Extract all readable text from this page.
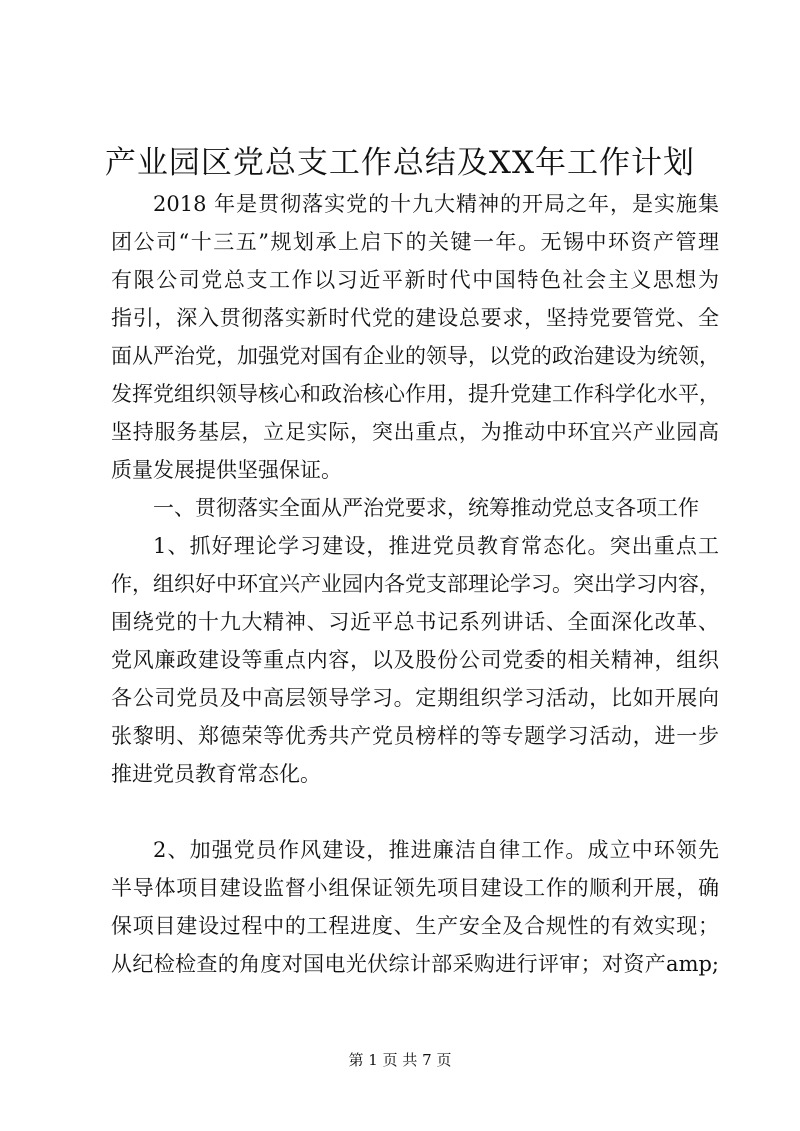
产业园区党总支工作总结及XX年工作计划
2018 年是贯彻落实党的十九大精神的开局之年，是实施集
团公司“十三五”规划承上启下的关键一年。无锡中环资产管理
有限公司党总支工作以习近平新时代中国特色社会主义思想为
指引，深入贯彻落实新时代党的建设总要求，坚持党要管党、全
面从严治党，加强党对国有企业的领导，以党的政治建设为统领，
发挥党组织领导核心和政治核心作用，提升党建工作科学化水平，
坚持服务基层，立足实际，突出重点，为推动中环宜兴产业园高
质量发展提供坚强保证。
一、贯彻落实全面从严治党要求，统筹推动党总支各项工作
1、抓好理论学习建设，推进党员教育常态化。突出重点工
作，组织好中环宜兴产业园内各党支部理论学习。突出学习内容，
围绕党的十九大精神、习近平总书记系列讲话、全面深化改革、
党风廉政建设等重点内容，以及股份公司党委的相关精神，组织
各公司党员及中高层领导学习。定期组织学习活动，比如开展向
张黎明、郑德荣等优秀共产党员榜样的等专题学习活动，进一步
推进党员教育常态化。
2、加强党员作风建设，推进廉洁自律工作。成立中环领先
半导体项目建设监督小组保证领先项目建设工作的顺利开展，确
保项目建设过程中的工程进度、生产安全及合规性的有效实现；
从纪检检查的角度对国电光伏综计部采购进行评审；对资产amp;
第 1 页 共 7 页
